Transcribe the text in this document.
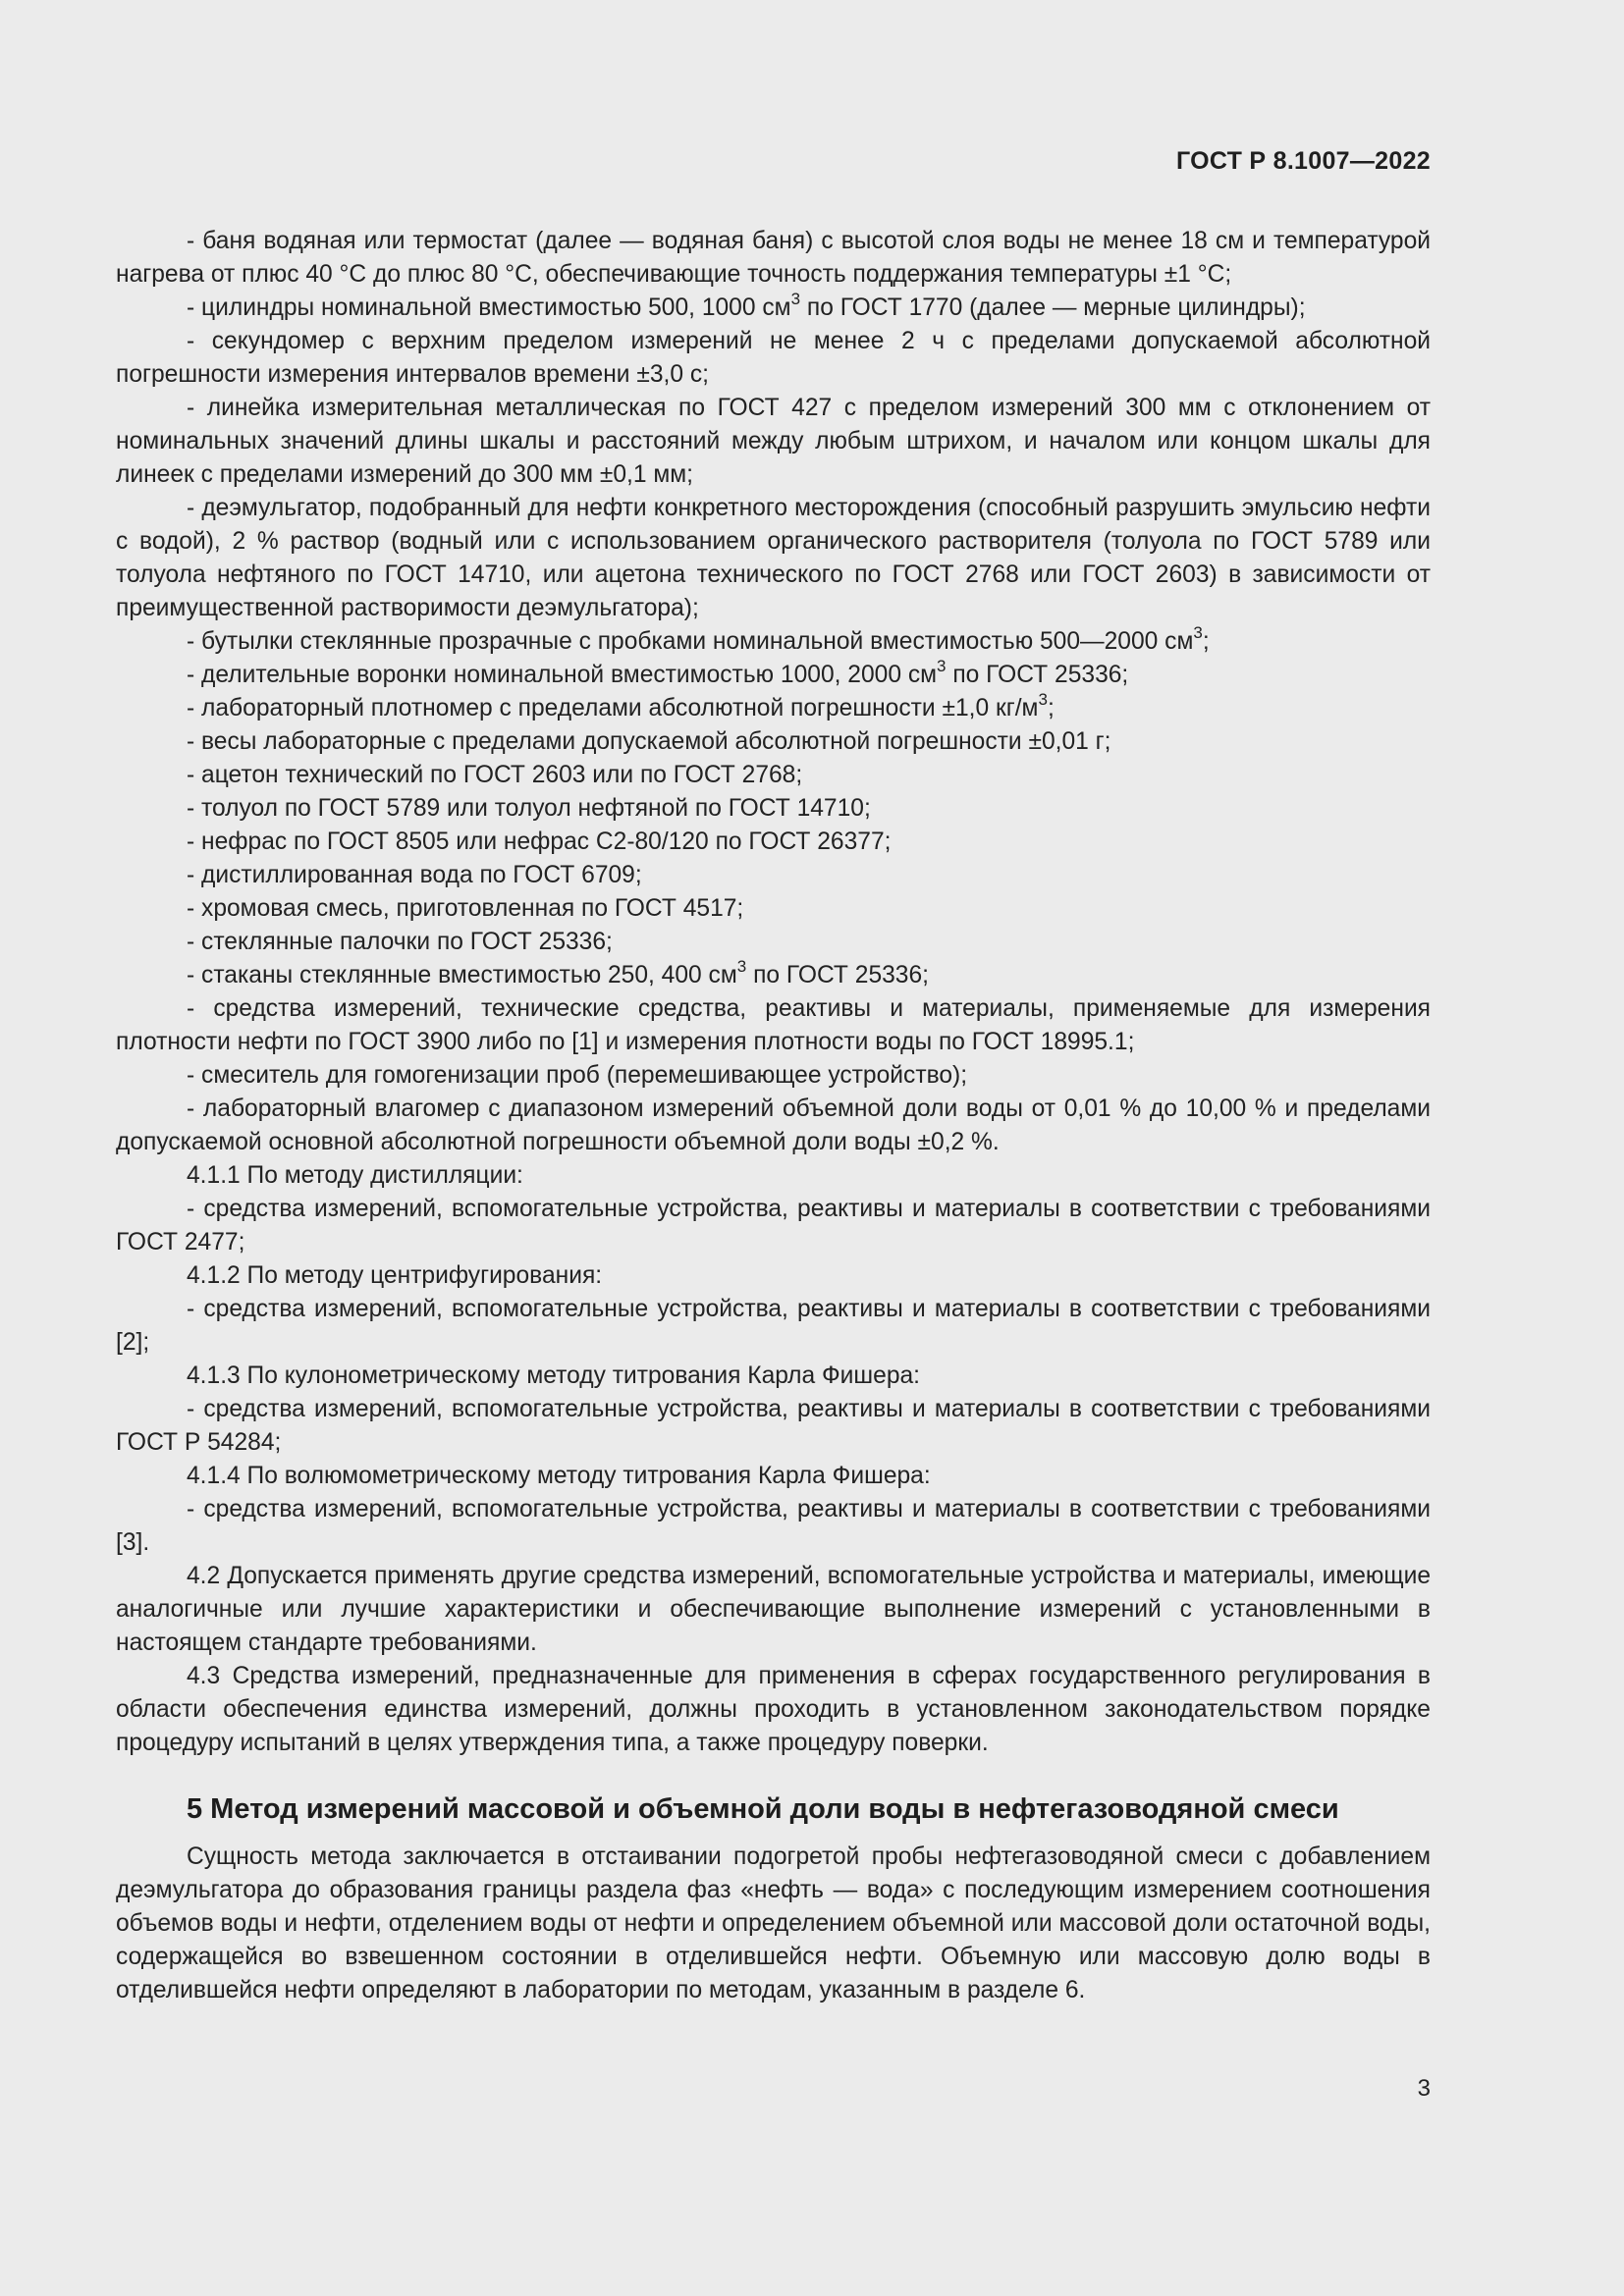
ГОСТ Р 8.1007—2022

- баня водяная или термостат (далее — водяная баня) с высотой слоя воды не менее 18 см и температурой нагрева от плюс 40 °С до плюс 80 °С, обеспечивающие точность поддержания температуры ±1 °С;

- цилиндры номинальной вместимостью 500, 1000 $см^3$ по ГОСТ 1770 (далее — мерные цилиндры);

- секундомер с верхним пределом измерений не менее 2 ч с пределами допускаемой абсолютной погрешности измерения интервалов времени ±3,0 с;

- линейка измерительная металлическая по ГОСТ 427 с пределом измерений 300 мм с отклонением от номинальных значений длины шкалы и расстояний между любым штрихом, и началом или концом шкалы для линеек с пределами измерений до 300 мм ±0,1 мм;

- деэмульгатор, подобранный для нефти конкретного месторождения (способный разрушить эмульсию нефти с водой), 2 % раствор (водный или с использованием органического растворителя (толуола по ГОСТ 5789 или толуола нефтяного по ГОСТ 14710, или ацетона технического по ГОСТ 2768 или ГОСТ 2603) в зависимости от преимущественной растворимости деэмульгатора);

- бутылки стеклянные прозрачные с пробками номинальной вместимостью 500—2000 $см^3$;

- делительные воронки номинальной вместимостью 1000, 2000 $см^3$ по ГОСТ 25336;

- лабораторный плотномер с пределами абсолютной погрешности ±1,0 $кг/м^3$;

- весы лабораторные с пределами допускаемой абсолютной погрешности ±0,01 г;

- ацетон технический по ГОСТ 2603 или по ГОСТ 2768;

- толуол по ГОСТ 5789 или толуол нефтяной по ГОСТ 14710;

- нефрас по ГОСТ 8505 или нефрас С2-80/120 по ГОСТ 26377;

- дистиллированная вода по ГОСТ 6709;

- хромовая смесь, приготовленная по ГОСТ 4517;

- стеклянные палочки по ГОСТ 25336;

- стаканы стеклянные вместимостью 250, 400 $см^3$ по ГОСТ 25336;

- средства измерений, технические средства, реактивы и материалы, применяемые для измерения плотности нефти по ГОСТ 3900 либо по [1] и измерения плотности воды по ГОСТ 18995.1;

- смеситель для гомогенизации проб (перемешивающее устройство);

- лабораторный влагомер с диапазоном измерений объемной доли воды от 0,01 % до 10,00 % и пределами допускаемой основной абсолютной погрешности объемной доли воды ±0,2 %.

4.1.1 По методу дистилляции:

- средства измерений, вспомогательные устройства, реактивы и материалы в соответствии с требованиями ГОСТ 2477;

4.1.2 По методу центрифугирования:

- средства измерений, вспомогательные устройства, реактивы и материалы в соответствии с требованиями [2];

4.1.3 По кулонометрическому методу титрования Карла Фишера:

- средства измерений, вспомогательные устройства, реактивы и материалы в соответствии с требованиями ГОСТ Р 54284;

4.1.4 По волюмометрическому методу титрования Карла Фишера:

- средства измерений, вспомогательные устройства, реактивы и материалы в соответствии с требованиями [3].

4.2 Допускается применять другие средства измерений, вспомогательные устройства и материалы, имеющие аналогичные или лучшие характеристики и обеспечивающие выполнение измерений с установленными в настоящем стандарте требованиями.

4.3 Средства измерений, предназначенные для применения в сферах государственного регулирования в области обеспечения единства измерений, должны проходить в установленном законодательством порядке процедуру испытаний в целях утверждения типа, а также процедуру поверки.

5 Метод измерений массовой и объемной доли воды в нефтегазоводяной смеси

Сущность метода заключается в отстаивании подогретой пробы нефтегазоводяной смеси с добавлением деэмульгатора до образования границы раздела фаз «нефть — вода» с последующим измерением соотношения объемов воды и нефти, отделением воды от нефти и определением объемной или массовой доли остаточной воды, содержащейся во взвешенном состоянии в отделившейся нефти. Объемную или массовую долю воды в отделившейся нефти определяют в лаборатории по методам, указанным в разделе 6.

3
